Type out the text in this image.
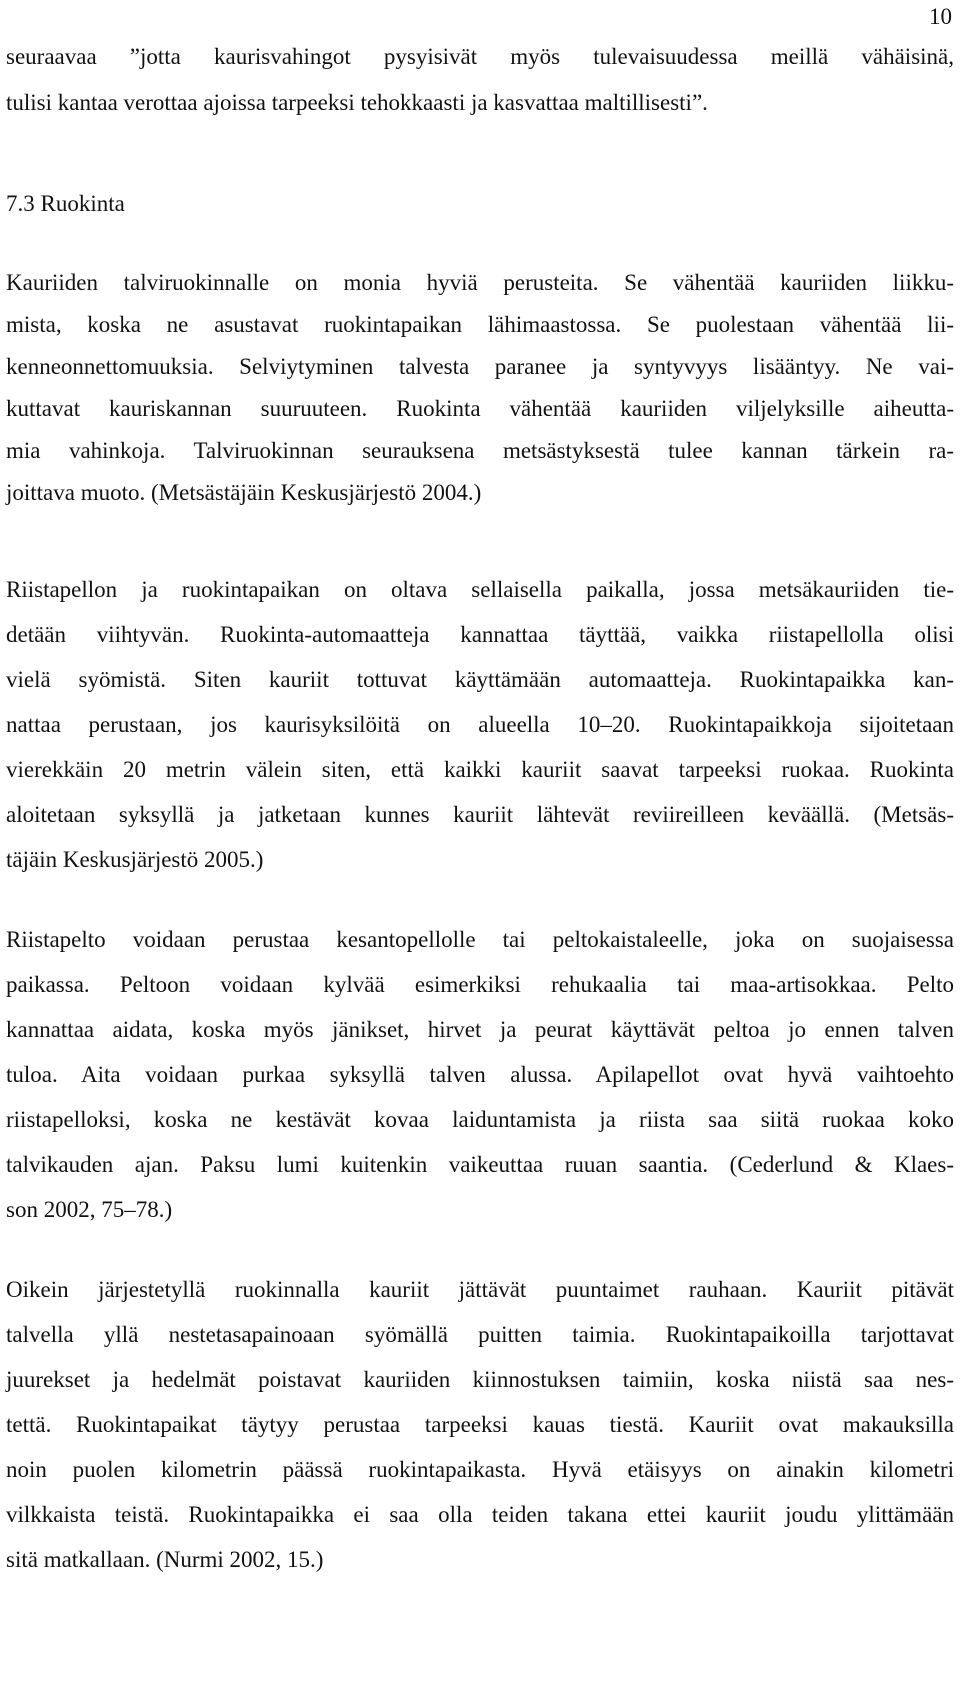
10
seuraavaa ”jotta kaurisvahingot pysyisivät myös tulevaisuudessa meillä vähäisinä,
tulisi kantaa verottaa ajoissa tarpeeksi tehokkaasti ja kasvattaa maltillisesti”.
7.3 Ruokinta
Kauriiden talviruokinnalle on monia hyviä perusteita. Se vähentää kauriiden liikku-
mista, koska ne asustavat ruokintapaikan lähimaastossa. Se puolestaan vähentää lii-
kenneonnettomuuksia. Selviytyminen talvesta paranee ja syntyvyys lisääntyy. Ne vai-
kuttavat kauriskannan suuruuteen. Ruokinta vähentää kauriiden viljelyksille aiheutta-
mia vahinkoja. Talviruokinnan seurauksena metsästyksestä tulee kannan tärkein ra-
joittava muoto. (Metsästäjäin Keskusjärjestö 2004.)
Riistapellon ja ruokintapaikan on oltava sellaisella paikalla, jossa metsäkauriiden tie-
detään viihtyvän. Ruokinta-automaatteja kannattaa täyttää, vaikka riistapellolla olisi
vielä syömistä. Siten kauriit tottuvat käyttämään automaatteja. Ruokintapaikka kan-
nattaa perustaan, jos kaurisyksilöitä on alueella 10–20. Ruokintapaikkoja sijoitetaan
vierekkäin 20 metrin välein siten, että kaikki kauriit saavat tarpeeksi ruokaa. Ruokinta
aloitetaan syksyllä ja jatketaan kunnes kauriit lähtevät reviireilleen keväällä. (Metsäs-
täjäin Keskusjärjestö 2005.)
Riistapelto voidaan perustaa kesantopellolle tai peltokaistaleelle, joka on suojaisessa
paikassa. Peltoon voidaan kylvää esimerkiksi rehukaalia tai maa-artisokkaa. Pelto
kannattaa aidata, koska myös jänikset, hirvet ja peurat käyttävät peltoa jo ennen talven
tuloa. Aita voidaan purkaa syksyllä talven alussa. Apilapellot ovat hyvä vaihtoehto
riistapelloksi, koska ne kestävät kovaa laiduntamista ja riista saa siitä ruokaa koko
talvikauden ajan. Paksu lumi kuitenkin vaikeuttaa ruuan saantia. (Cederlund & Klaes-
son 2002, 75–78.)
Oikein järjestetyllä ruokinnalla kauriit jättävät puuntaimet rauhaan. Kauriit pitävät
talvella yllä nestetasapainoaan syömällä puitten taimia. Ruokintapaikoilla tarjottavat
juurekset ja hedelmät poistavat kauriiden kiinnostuksen taimiin, koska niistä saa nes-
tettä. Ruokintapaikat täytyy perustaa tarpeeksi kauas tiestä. Kauriit ovat makauksilla
noin puolen kilometrin päässä ruokintapaikasta. Hyvä etäisyys on ainakin kilometri
vilkkaista teistä. Ruokintapaikka ei saa olla teiden takana ettei kauriit joudu ylittämään
sitä matkallaan. (Nurmi 2002, 15.)
